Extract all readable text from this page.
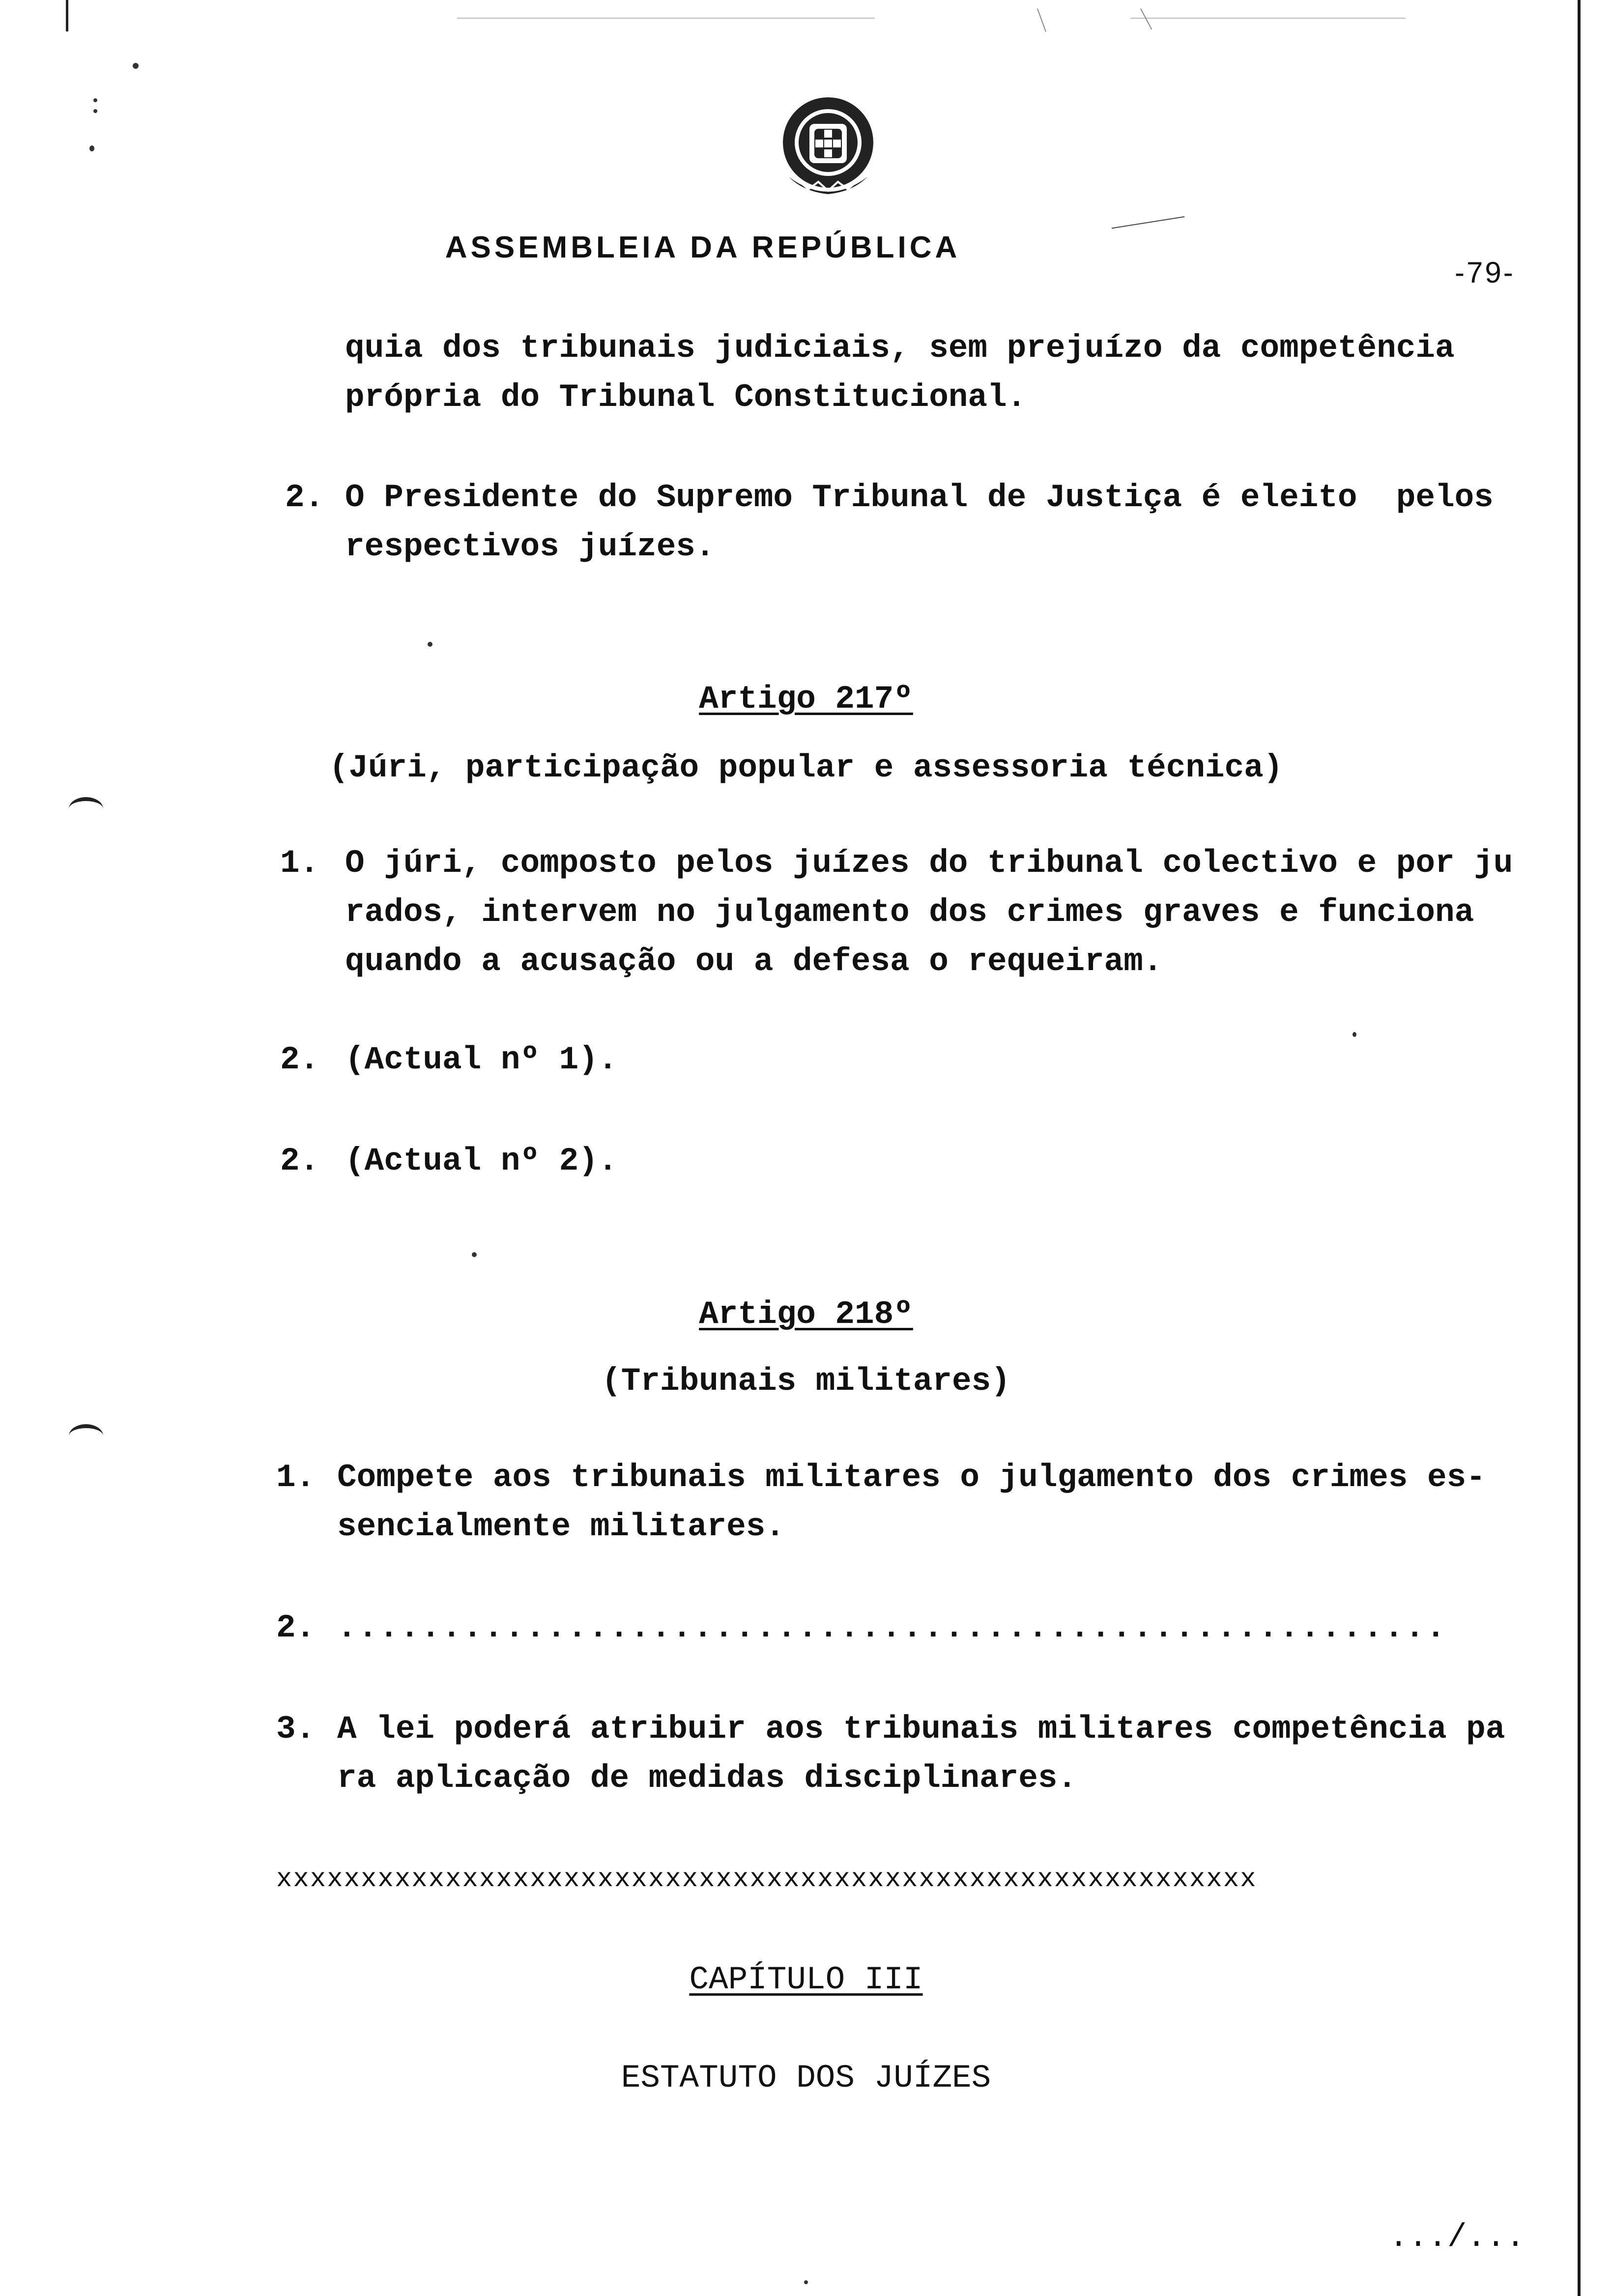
ASSEMBLEIA DA REPÚBLICA
-79-
quia dos tribunais judiciais, sem prejuízo da competência
própria do Tribunal Constitucional.
2. O Presidente do Supremo Tribunal de Justiça é eleito  pelos
respectivos juízes.
Artigo 217º
(Júri, participação popular e assessoria técnica)
1. O júri, composto pelos juízes do tribunal colectivo e por ju
rados, intervem no julgamento dos crimes graves e funciona
quando a acusação ou a defesa o requeiram.
2. (Actual nº 1).
2. (Actual nº 2).
Artigo 218º
(Tribunais militares)
1. Compete aos tribunais militares o julgamento dos crimes es-
sencialmente militares.
2. .....................................................
3. A lei poderá atribuir aos tribunais militares competência pa
ra aplicação de medidas disciplinares.
xxxxxxxxxxxxxxxxxxxxxxxxxxxxxxxxxxxxxxxxxxxxxxxxxxxxxxxxxx
CAPÍTULO III
ESTATUTO DOS JUÍZES
.../...
